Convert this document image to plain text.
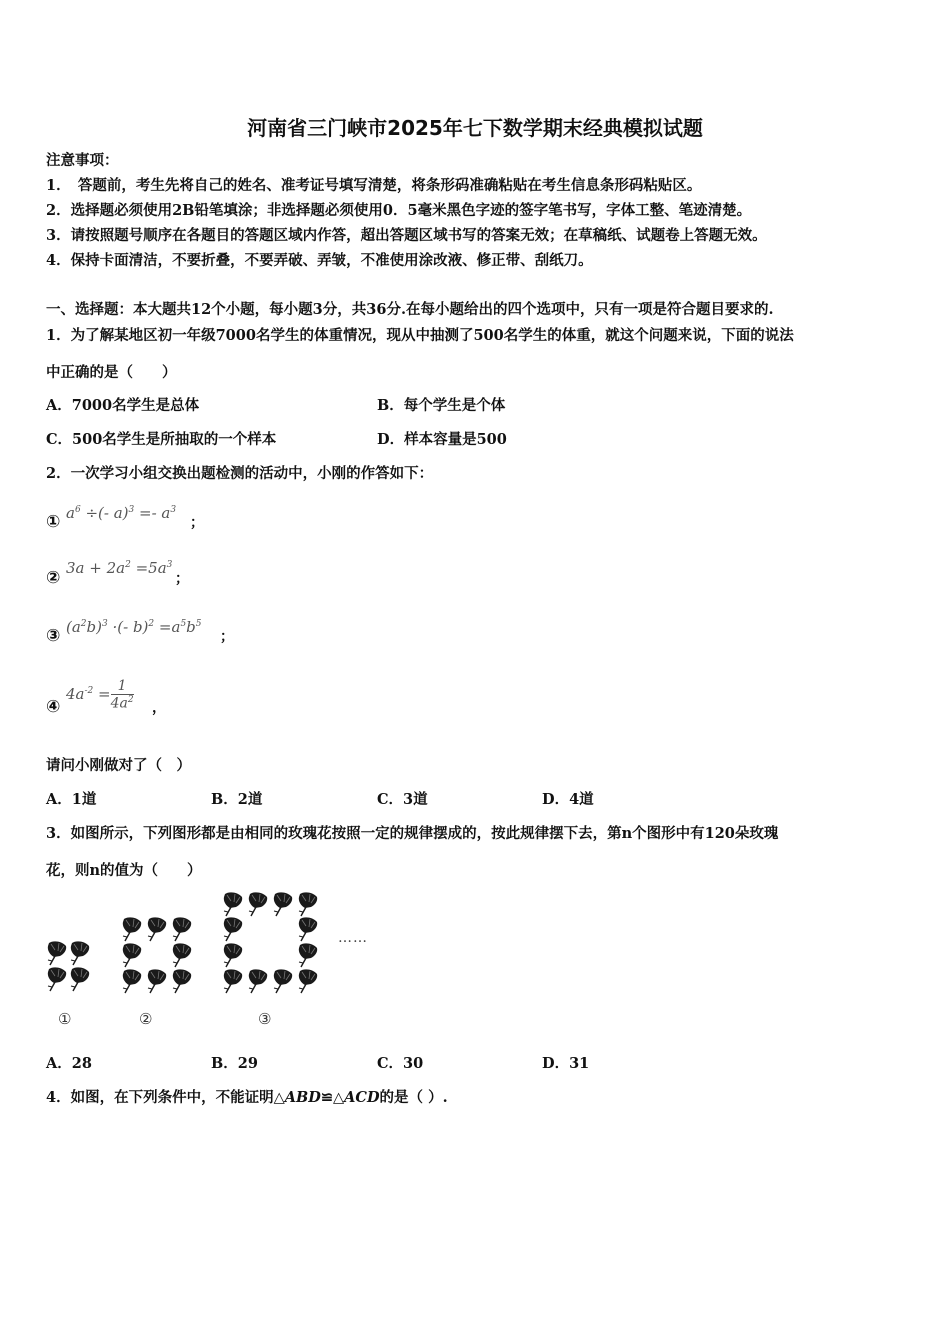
河南省三门峡市2025年七下数学期末经典模拟试题
注意事项：
1．　答题前，考生先将自己的姓名、准考证号填写清楚，将条形码准确粘贴在考生信息条形码粘贴区。
2．选择题必须使用2B铅笔填涂；非选择题必须使用0．5毫米黑色字迹的签字笔书写，字体工整、笔迹清楚。
3．请按照题号顺序在各题目的答题区域内作答，超出答题区域书写的答案无效；在草稿纸、试题卷上答题无效。
4．保持卡面清洁，不要折叠，不要弄破、弄皱，不准使用涂改液、修正带、刮纸刀。
一、选择题：本大题共12个小题，每小题3分，共36分.在每小题给出的四个选项中，只有一项是符合题目要求的.
1．为了解某地区初一年级7000名学生的体重情况，现从中抽测了500名学生的体重，就这个问题来说，下面的说法
中正确的是（　　）
A．7000名学生是总体	B．每个学生是个体
C．500名学生是所抽取的一个样本	D．样本容量是500
2．一次学习小组交换出题检测的活动中，小刚的作答如下：
① $a^6$ ÷(- $a)^3 =- a^3$
；
② $3a + 2a^2 =5a^3$
；
③ $(a^2b)^3$ ·(- $b)^2 =a^5b^5$
；
④
$4a^{-2} = \frac{1}{4a^2}$ ，
请问小刚做对了（　）
A．1道	B．2道	C．3道	D．4道
3．如图所示，下列图形都是由相同的玫瑰花按照一定的规律摆成的，按此规律摆下去，第n个图形中有120朵玫瑰
花，则n的值为（　　）
……
①	②	③
A．28	B．29	C．30	D．31
4．如图，在下列条件中，不能证明△ABD≌△ACD的是（ ）.
